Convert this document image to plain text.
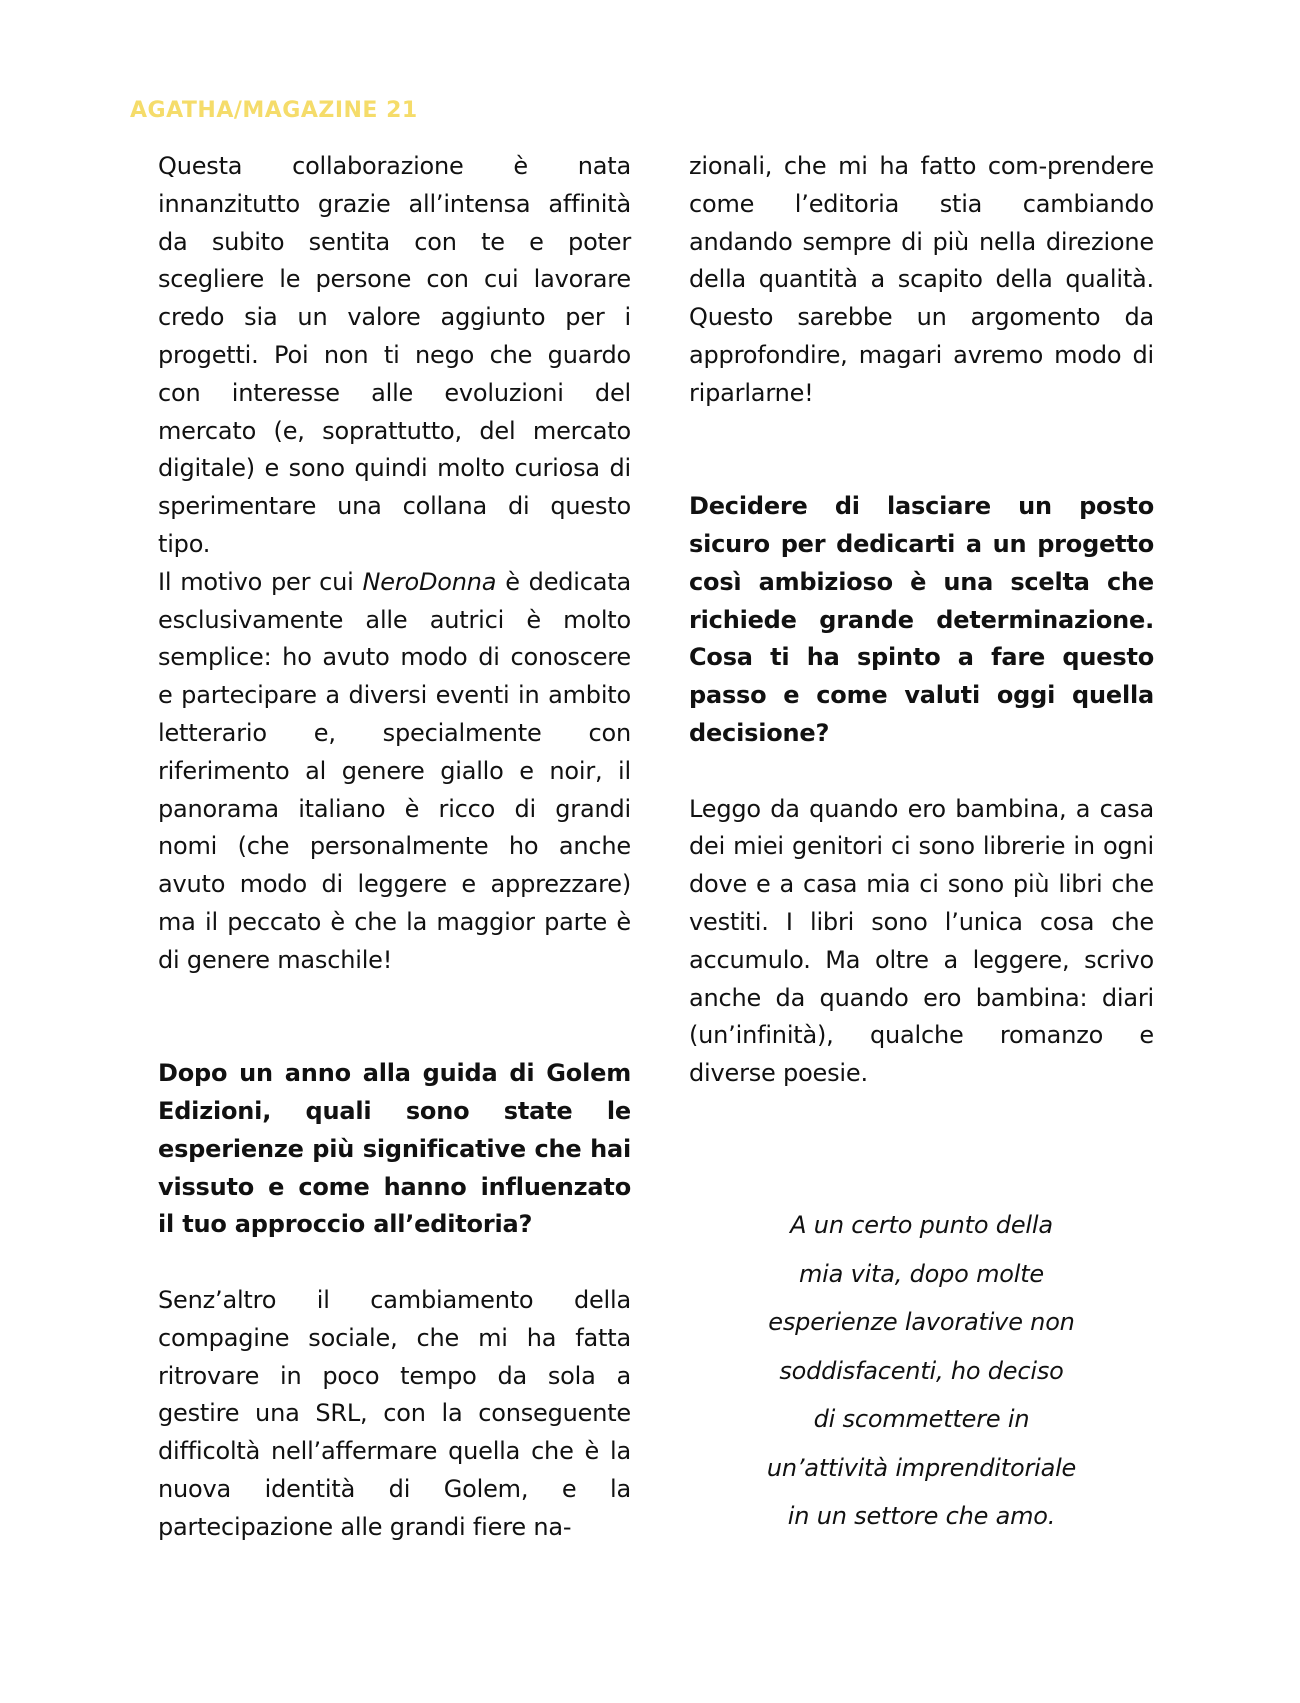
AGATHA/MAGAZINE 21

Questa collaborazione è nata innanzitutto grazie all’intensa affinità da subito sentita con te e poter scegliere le persone con cui lavorare credo sia un valore aggiunto per i progetti. Poi non ti nego che guardo con interesse alle evoluzioni del mercato (e, soprattutto, del mercato digitale) e sono quindi molto curiosa di sperimentare una collana di questo tipo.

Il motivo per cui NeroDonna è dedicata esclusivamente alle autrici è molto semplice: ho avuto modo di conoscere e partecipare a diversi eventi in ambito letterario e, specialmente con riferimento al genere giallo e noir, il panorama italiano è ricco di grandi nomi (che personalmente ho anche avuto modo di leggere e apprezzare) ma il peccato è che la maggior parte è di genere maschile!

Dopo un anno alla guida di Golem Edizioni, quali sono state le esperienze più significative che hai vissuto e come hanno influenzato il tuo approccio all’editoria?

Senz’altro il cambiamento della compagine sociale, che mi ha fatta ritrovare in poco tempo da sola a gestire una SRL, con la conseguente difficoltà nell’affermare quella che è la nuova identità di Golem, e la partecipazione alle grandi fiere na-

zionali, che mi ha fatto com-prendere come l’editoria stia cambiando andando sempre di più nella direzione della quantità a scapito della qualità. Questo sarebbe un argomento da approfondire, magari avremo modo di riparlarne!

Decidere di lasciare un posto sicuro per dedicarti a un progetto così ambizioso è una scelta che richiede grande determinazione. Cosa ti ha spinto a fare questo passo e come valuti oggi quella decisione?

Leggo da quando ero bambina, a casa dei miei genitori ci sono librerie in ogni dove e a casa mia ci sono più libri che vestiti. I libri sono l’unica cosa che accumulo. Ma oltre a leggere, scrivo anche da quando ero bambina: diari (un’infinità), qualche romanzo e diverse poesie.

A un certo punto della
mia vita, dopo molte
esperienze lavorative non
soddisfacenti, ho deciso
di scommettere in
un’attività imprenditoriale
in un settore che amo.
